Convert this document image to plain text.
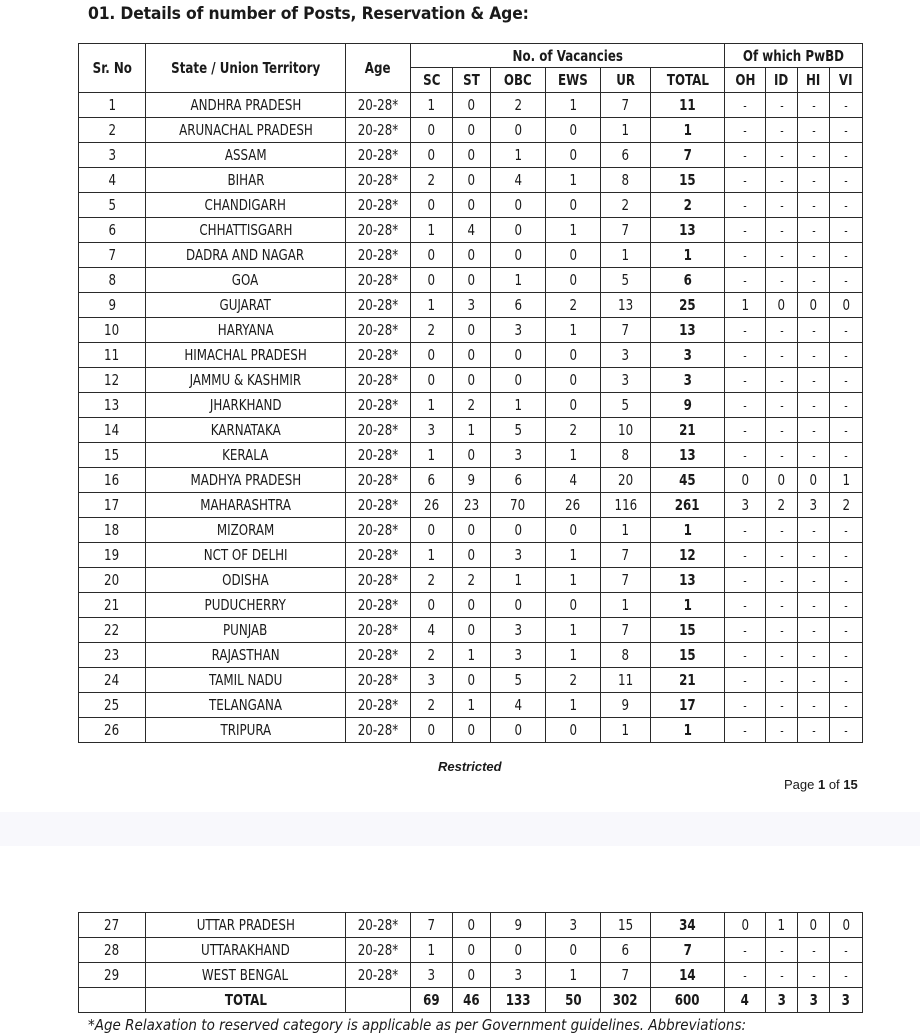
01. Details of number of Posts, Reservation & Age:
Sr. No	State / Union Territory	Age	No. of Vacancies						Of which PwBD			
			SC	ST	OBC	EWS	UR	TOTAL	OH	ID	HI	VI
1	ANDHRA PRADESH	20-28*	1	0	2	1	7	11	-	-	-	-
2	ARUNACHAL PRADESH	20-28*	0	0	0	0	1	1	-	-	-	-
3	ASSAM	20-28*	0	0	1	0	6	7	-	-	-	-
4	BIHAR	20-28*	2	0	4	1	8	15	-	-	-	-
5	CHANDIGARH	20-28*	0	0	0	0	2	2	-	-	-	-
6	CHHATTISGARH	20-28*	1	4	0	1	7	13	-	-	-	-
7	DADRA AND NAGAR	20-28*	0	0	0	0	1	1	-	-	-	-
8	GOA	20-28*	0	0	1	0	5	6	-	-	-	-
9	GUJARAT	20-28*	1	3	6	2	13	25	1	0	0	0
10	HARYANA	20-28*	2	0	3	1	7	13	-	-	-	-
11	HIMACHAL PRADESH	20-28*	0	0	0	0	3	3	-	-	-	-
12	JAMMU & KASHMIR	20-28*	0	0	0	0	3	3	-	-	-	-
13	JHARKHAND	20-28*	1	2	1	0	5	9	-	-	-	-
14	KARNATAKA	20-28*	3	1	5	2	10	21	-	-	-	-
15	KERALA	20-28*	1	0	3	1	8	13	-	-	-	-
16	MADHYA PRADESH	20-28*	6	9	6	4	20	45	0	0	0	1
17	MAHARASHTRA	20-28*	26	23	70	26	116	261	3	2	3	2
18	MIZORAM	20-28*	0	0	0	0	1	1	-	-	-	-
19	NCT OF DELHI	20-28*	1	0	3	1	7	12	-	-	-	-
20	ODISHA	20-28*	2	2	1	1	7	13	-	-	-	-
21	PUDUCHERRY	20-28*	0	0	0	0	1	1	-	-	-	-
22	PUNJAB	20-28*	4	0	3	1	7	15	-	-	-	-
23	RAJASTHAN	20-28*	2	1	3	1	8	15	-	-	-	-
24	TAMIL NADU	20-28*	3	0	5	2	11	21	-	-	-	-
25	TELANGANA	20-28*	2	1	4	1	9	17	-	-	-	-
26	TRIPURA	20-28*	0	0	0	0	1	1	-	-	-	-
Restricted
Page 1 of 15
27	UTTAR PRADESH	20-28*	7	0	9	3	15	34	0	1	0	0
28	UTTARAKHAND	20-28*	1	0	0	0	6	7	-	-	-	-
29	WEST BENGAL	20-28*	3	0	3	1	7	14	-	-	-	-
	TOTAL		69	46	133	50	302	600	4	3	3	3
*Age Relaxation to reserved category is applicable as per Government guidelines. Abbreviations:
